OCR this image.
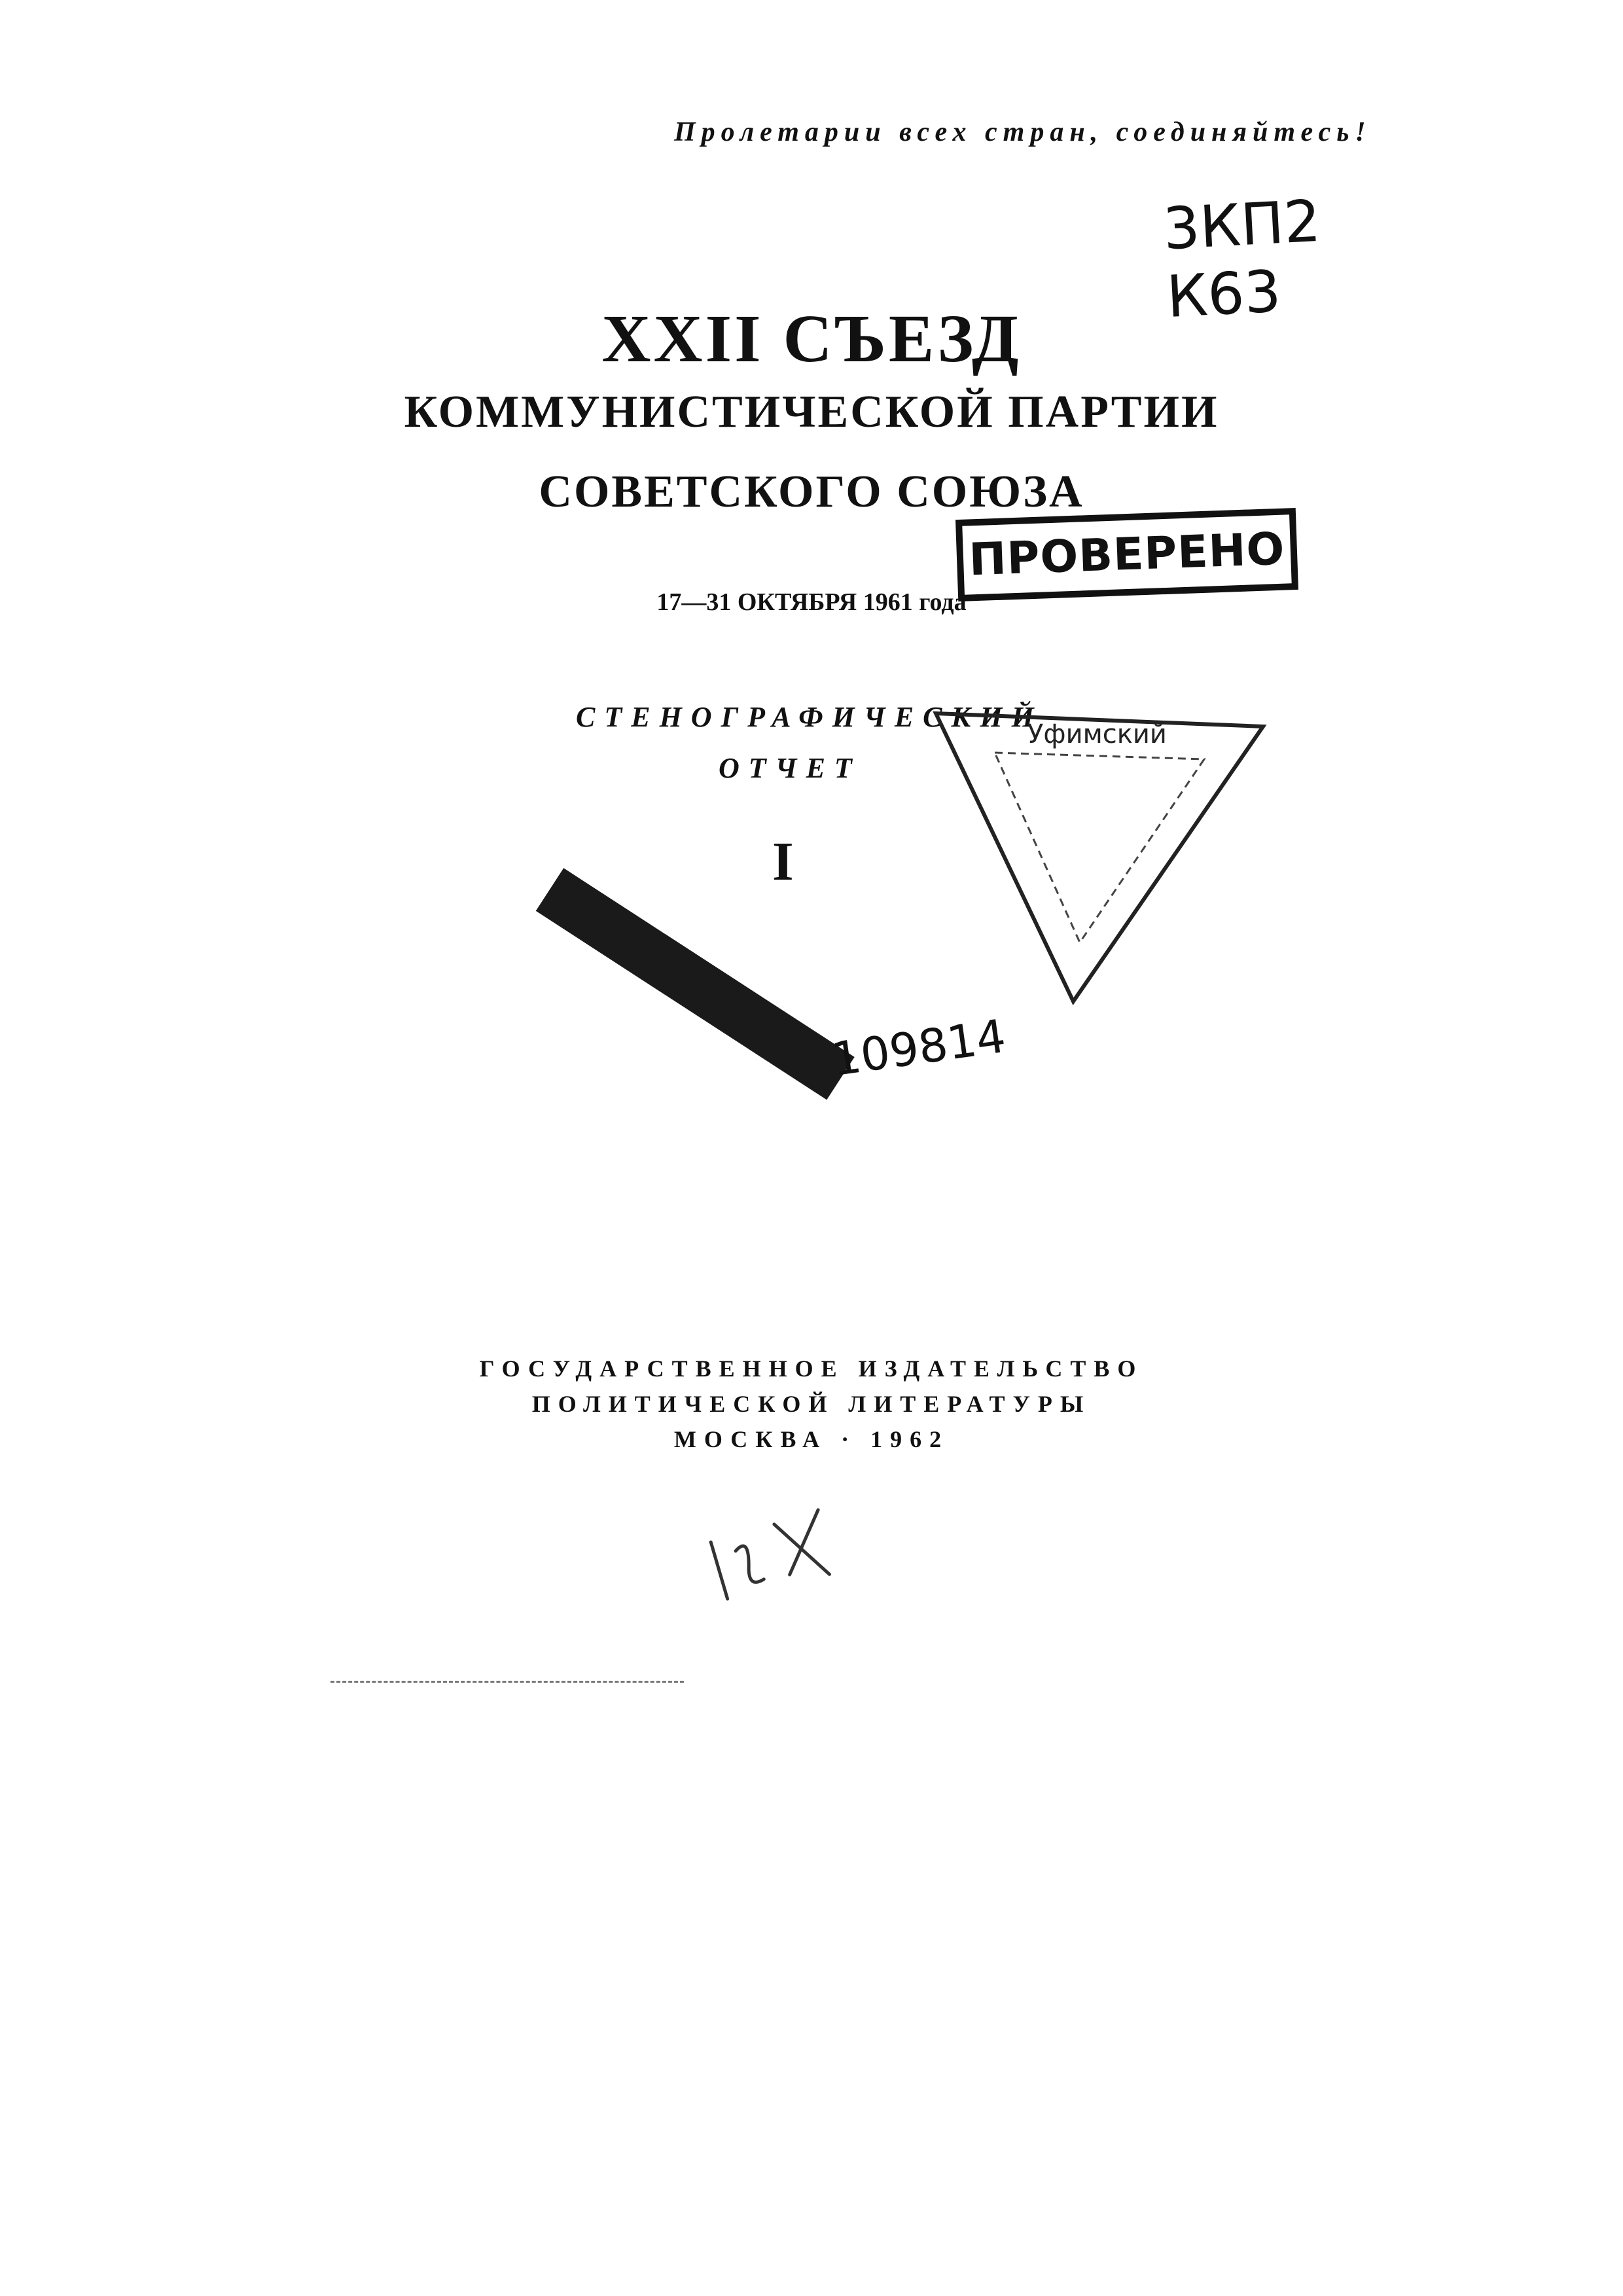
Пролетарии всех стран, соединяйтесь!
3КП2
К63
XXII СЪЕЗД
КОММУНИСТИЧЕСКОЙ ПАРТИИ
СОВЕТСКОГО СОЮЗА
ПРОВЕРЕНО
17—31 ОКТЯБРЯ 1961 года
СТЕНОГРАФИЧЕСКИЙ
ОТЧЕТ
I
Уфимский
109814
ГОСУДАРСТВЕННОЕ ИЗДАТЕЛЬСТВО
ПОЛИТИЧЕСКОЙ ЛИТЕРАТУРЫ
МОСКВА · 1962
